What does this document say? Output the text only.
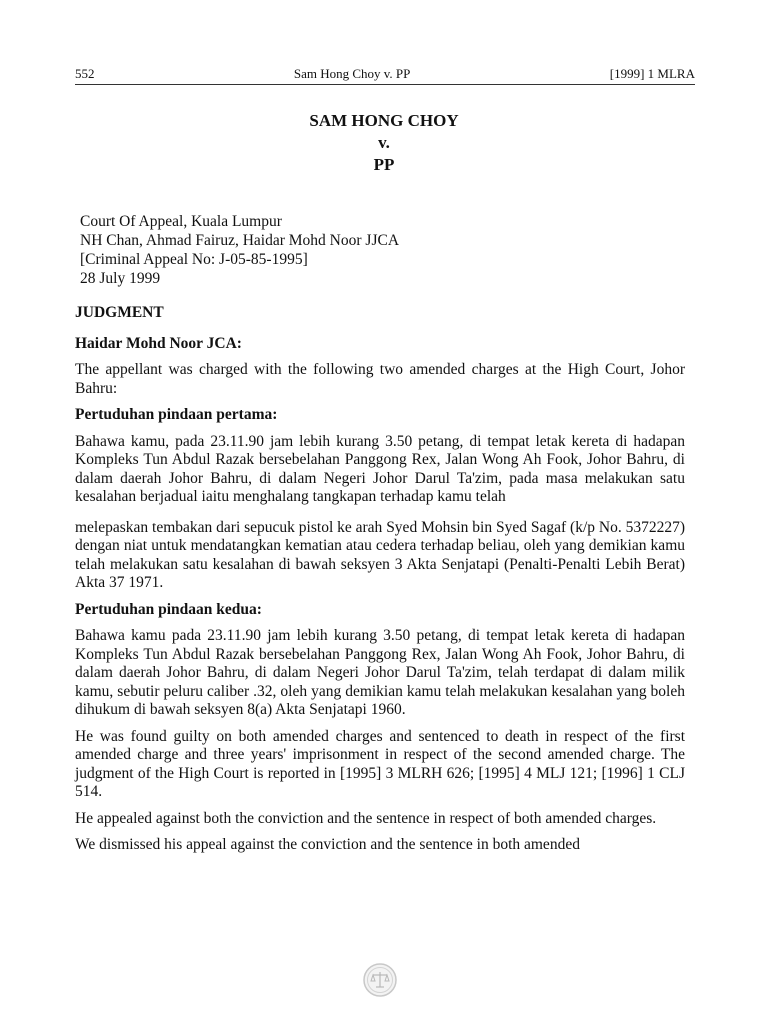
552	Sam Hong Choy v. PP	[1999] 1 MLRA
SAM HONG CHOY
v.
PP
Court Of Appeal, Kuala Lumpur
NH Chan, Ahmad Fairuz, Haidar Mohd Noor JJCA
[Criminal Appeal No: J-05-85-1995]
28 July 1999
JUDGMENT
Haidar Mohd Noor JCA:

The appellant was charged with the following two amended charges at the High Court, Johor Bahru:

Pertuduhan pindaan pertama:

Bahawa kamu, pada 23.11.90 jam lebih kurang 3.50 petang, di tempat letak kereta di hadapan Kompleks Tun Abdul Razak bersebelahan Panggong Rex, Jalan Wong Ah Fook, Johor Bahru, di dalam daerah Johor Bahru, di dalam Negeri Johor Darul Ta'zim, pada masa melakukan satu kesalahan berjadual iaitu menghalang tangkapan terhadap kamu telah

melepaskan tembakan dari sepucuk pistol ke arah Syed Mohsin bin Syed Sagaf (k/p No. 5372227) dengan niat untuk mendatangkan kematian atau cedera terhadap beliau, oleh yang demikian kamu telah melakukan satu kesalahan di bawah seksyen 3 Akta Senjatapi (Penalti-Penalti Lebih Berat) Akta 37 1971.

Pertuduhan pindaan kedua:

Bahawa kamu pada 23.11.90 jam lebih kurang 3.50 petang, di tempat letak kereta di hadapan Kompleks Tun Abdul Razak bersebelahan Panggong Rex, Jalan Wong Ah Fook, Johor Bahru, di dalam daerah Johor Bahru, di dalam Negeri Johor Darul Ta'zim, telah terdapat di dalam milik kamu, sebutir peluru caliber .32, oleh yang demikian kamu telah melakukan kesalahan yang boleh dihukum di bawah seksyen 8(a) Akta Senjatapi 1960.

He was found guilty on both amended charges and sentenced to death in respect of the first amended charge and three years' imprisonment in respect of the second amended charge. The judgment of the High Court is reported in [1995] 3 MLRH 626; [1995] 4 MLJ 121; [1996] 1 CLJ 514.

He appealed against both the conviction and the sentence in respect of both amended charges.

We dismissed his appeal against the conviction and the sentence in both amended
